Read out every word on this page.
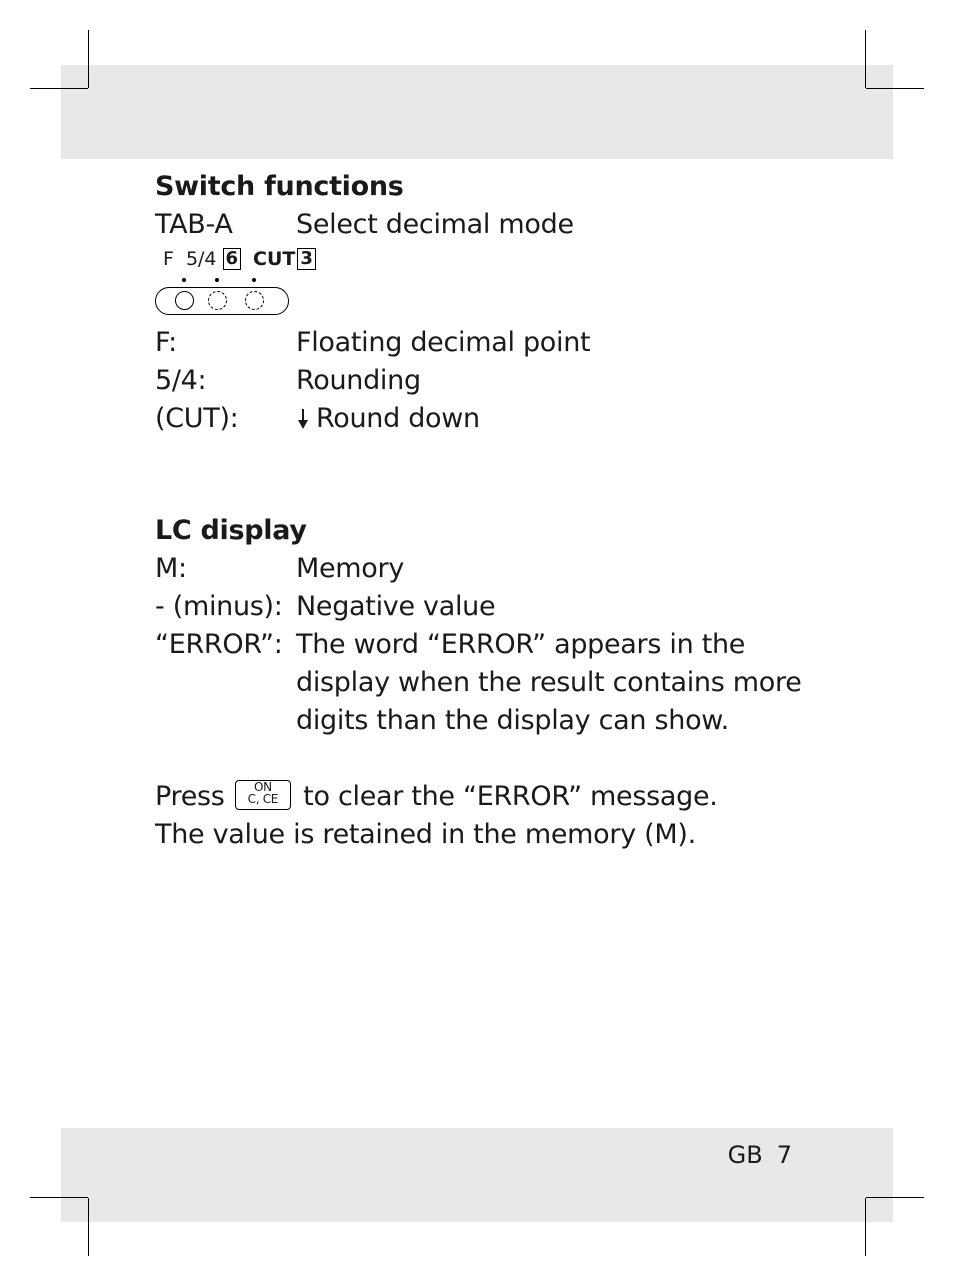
Switch functions
TAB-A	Select decimal mode
F 5/4 6 CUT 3
F:	Floating decimal point
5/4:	Rounding
(CUT):	Round down
LC display
M:	Memory
- (minus): Negative value
“ERROR”: The word “ERROR” appears in the display when the result contains more digits than the display can show.
Press	ON
C, CE to clear the “ERROR” message.
The value is retained in the memory (M).
GB 7
